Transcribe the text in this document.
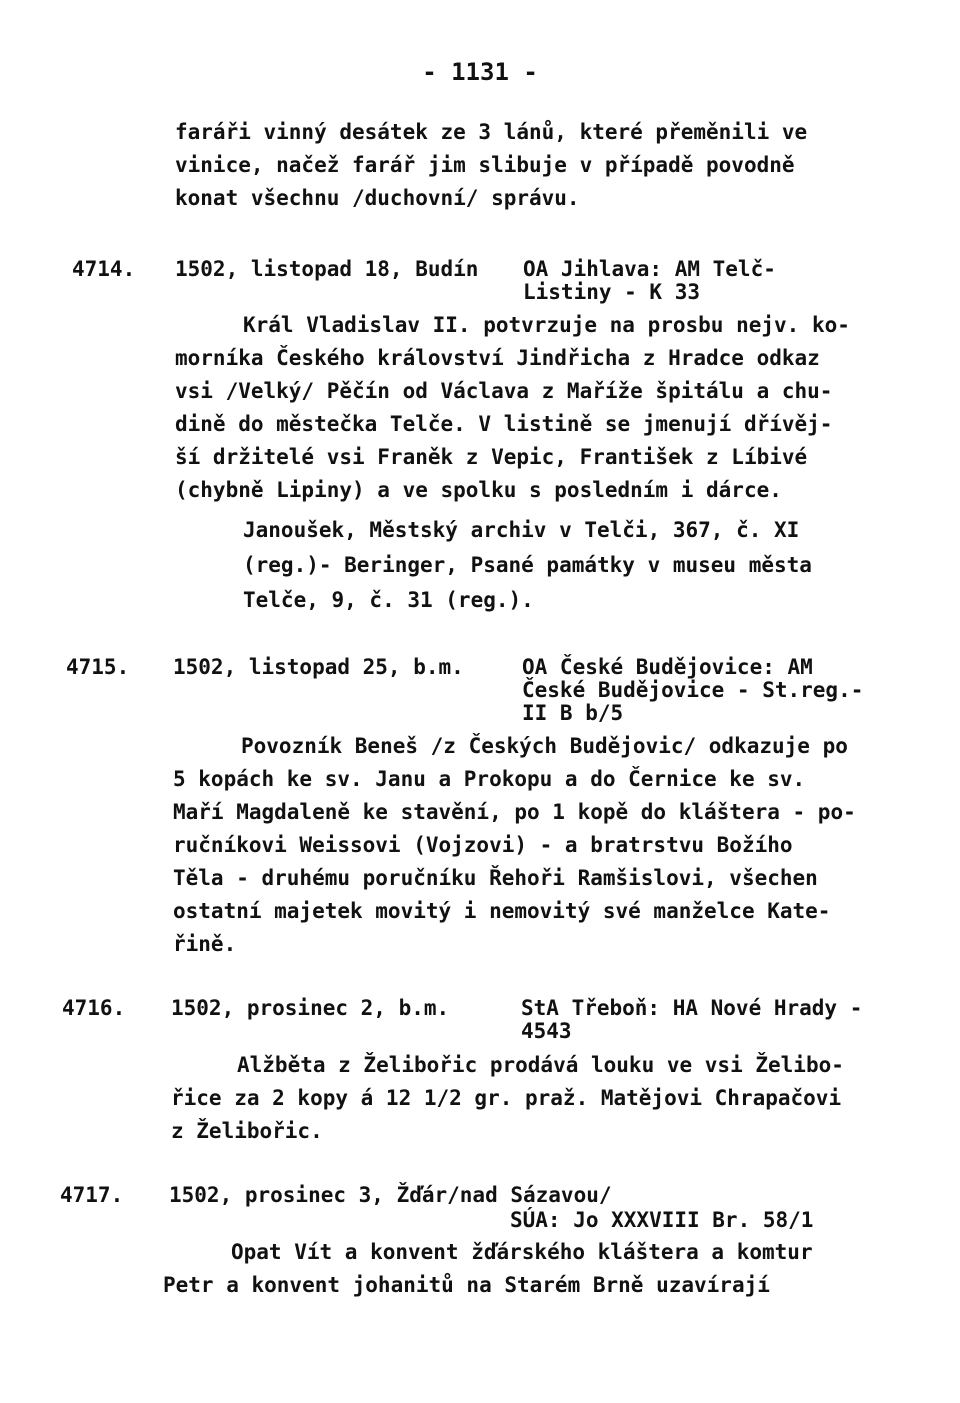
- 1131 -
faráři vinný desátek ze 3 lánů, které přeměnili ve
vinice, načež farář jim slibuje v případě povodně
konat všechnu /duchovní/ správu.
4714. 1502, listopad 18, Budín OA Jihlava: AM Telč-
Listiny - K 33
Král Vladislav II. potvrzuje na prosbu nejv. ko-
morníka Českého království Jindřicha z Hradce odkaz
vsi /Velký/ Pěčín od Václava z Maříže špitálu a chu-
dině do městečka Telče. V listině se jmenují dřívěj-
ší držitelé vsi Franěk z Vepic, František z Líbivé
(chybně Lipiny) a ve spolku s posledním i dárce.
Janoušek, Městský archiv v Telči, 367, č. XI
(reg.)- Beringer, Psané památky v museu města
Telče, 9, č. 31 (reg.).
4715. 1502, listopad 25, b.m.	OA České Budějovice: AM
České Budějovice - St.reg.-
II B b/5
Povozník Beneš /z Českých Budějovic/ odkazuje po
5 kopách ke sv. Janu a Prokopu a do Černice ke sv.
Maří Magdaleně ke stavění, po 1 kopě do kláštera - po-
ručníkovi Weissovi (Vojzovi) - a bratrstvu Božího
Těla - druhému poručníku Řehoři Ramšislovi, všechen
ostatní majetek movitý i nemovitý své manželce Kate-
řině.
4716. 1502, prosinec 2, b.m.	StA Třeboň: HA Nové Hrady -
4543
Alžběta z Želibořic prodává louku ve vsi Želibo-
řice za 2 kopy á 12 1/2 gr. praž. Matějovi Chrapačovi
z Želibořic.
4717. 1502, prosinec 3, Žďár/nad Sázavou/
SÚA: Jo XXXVIII Br. 58/1
Opat Vít a konvent žďárského kláštera a komtur
Petr a konvent johanitů na Starém Brně uzavírají
